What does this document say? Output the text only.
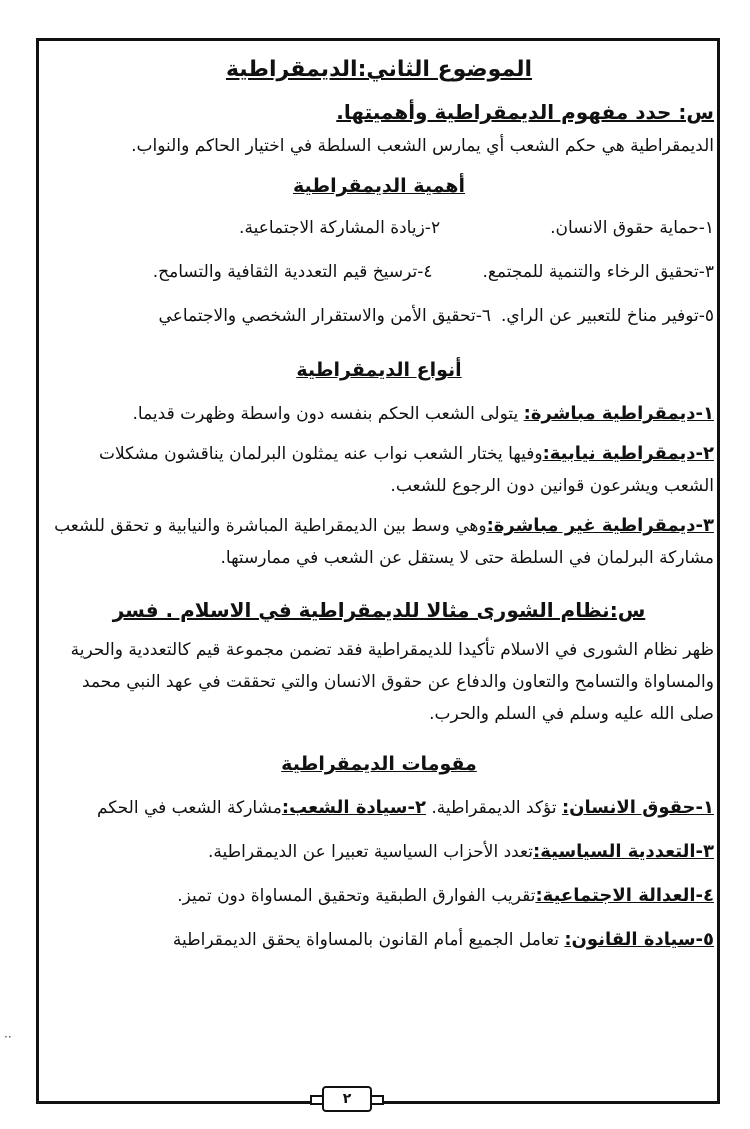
الموضوع الثاني:الديمقراطية
س: حدد مفهوم الديمقراطية وأهميتها.
الديمقراطية هي حكم الشعب أي يمارس الشعب السلطة في اختيار الحاكم والنواب.
أهمية الديمقراطية
١-حماية حقوق الانسان.
٢-زيادة المشاركة الاجتماعية.
٣-تحقيق الرخاء والتنمية للمجتمع.
٤-ترسيخ قيم التعددية الثقافية والتسامح.
٥-توفير مناخ للتعبير عن الراي.
٦-تحقيق الأمن والاستقرار الشخصي والاجتماعي
أنواع الديمقراطية
١-ديمقراطية مباشرة: يتولى الشعب الحكم بنفسه دون واسطة وظهرت قديما.
٢-ديمقراطية نيابية:وفيها يختار الشعب نواب عنه يمثلون البرلمان يناقشون مشكلات الشعب ويشرعون قوانين دون الرجوع للشعب.
٣-ديمقراطية غير مباشرة:وهي وسط بين الديمقراطية المباشرة والنيابية و تحقق للشعب مشاركة البرلمان في السلطة حتى لا يستقل عن الشعب في ممارستها.
س:نظام الشورى مثالا للديمقراطية في الاسلام . فسر
ظهر نظام الشورى في الاسلام تأكيدا للديمقراطية فقد تضمن مجموعة قيم كالتعددية والحرية والمساواة والتسامح والتعاون والدفاع عن حقوق الانسان والتي تحققت في عهد النبي محمد صلى الله عليه وسلم في السلم والحرب.
مقومات الديمقراطية
١-حقوق الانسان: تؤكد الديمقراطية. ٢-سيادة الشعب:مشاركة الشعب في الحكم
٣-التعددية السياسية:تعدد الأحزاب السياسية تعبيرا عن الديمقراطية.
٤-العدالة الاجتماعية:تقريب الفوارق الطبقية وتحقيق المساواة دون تميز.
٥-سيادة القانون: تعامل الجميع أمام القانون بالمساواة يحقق الديمقراطية
٢
··
